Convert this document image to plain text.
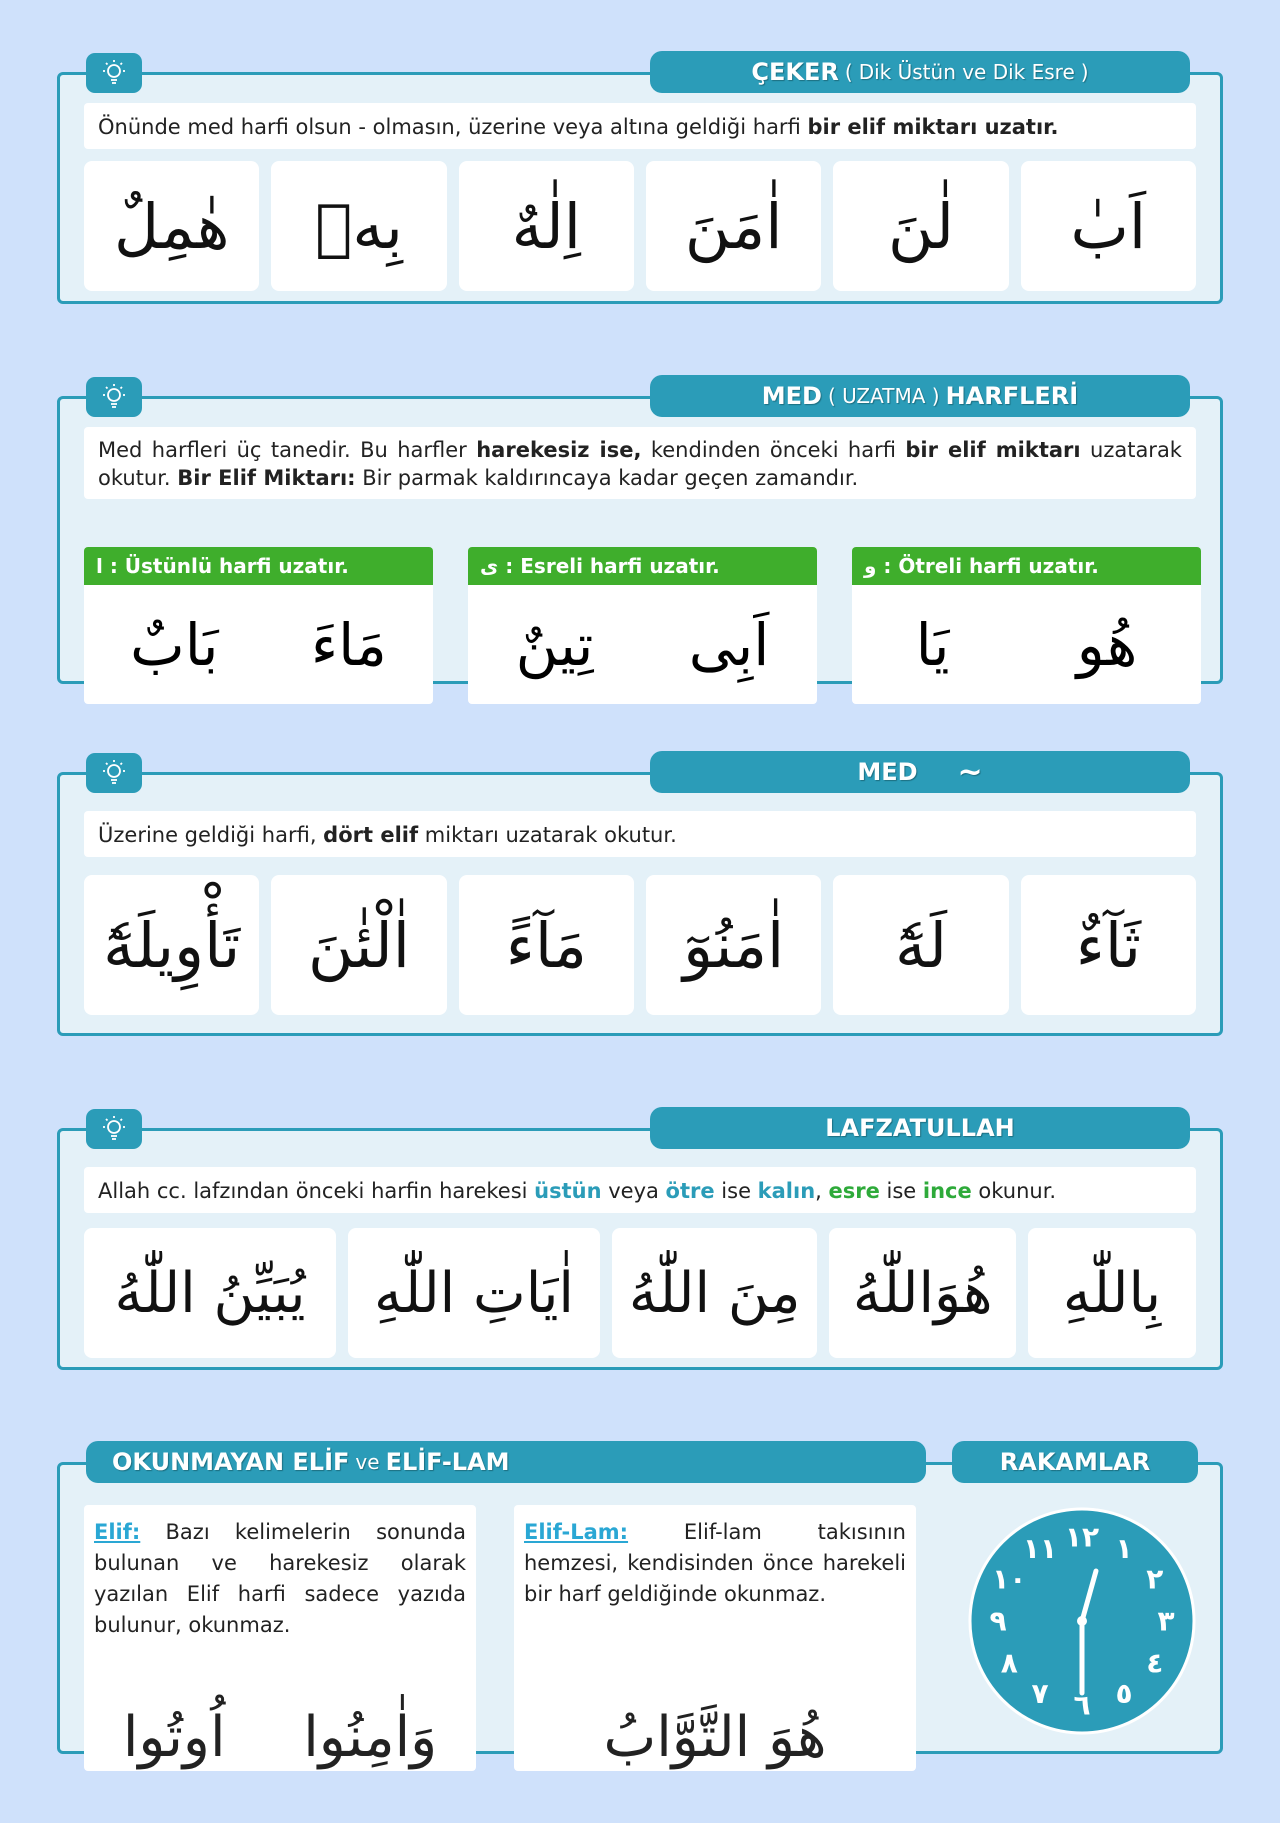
ÇEKER ( Dik Üstün ve Dik Esre )
Önünde med harfi olsun - olmasın, üzerine veya altına geldiği harfi bir elif miktarı uzatır.
اَبٰ
لٰنَ
اٰمَنَ
اِلٰهٌ
بِهٖ
هٰمِلٌ
MED ( UZATMA ) HARFLERİ
Med harfleri üç tanedir. Bu harfler harekesiz ise, kendinden önceki harfi bir elif miktarı uzatarak okutur. Bir Elif Miktarı: Bir parmak kaldırıncaya kadar geçen zamandır.
ا : Üstünlü harfi uzatır.
مَاءَ
بَابٌ
ى : Esreli harfi uzatır.
اَبِى
تِينٌ
و : Ötreli harfi uzatır.
هُو
يَا
MED ~
Üzerine geldiği harfi, dört elif miktarı uzatarak okutur.
ثَآءٌ
لَهٗٓ
اٰمَنُوٓ
مَآءً
اٰلْئٰنَ
تَأْوِيلَهٗٓ
LAFZATULLAH
Allah cc. lafzından önceki harfin harekesi üstün veya ötre ise kalın, esre ise ince okunur.
بِاللّٰهِ
هُوَاللّٰهُ
مِنَ اللّٰهُ
اٰيَاتِ اللّٰهِ
يُبَيِّنُ اللّٰهُ
OKUNMAYAN ELİF ve ELİF-LAM	RAKAMLAR
Elif: Bazı kelimelerin sonunda bulunan ve harekesiz olarak yazılan Elif harfi sadece yazıda bulunur, okunmaz.
وَاٰمِنُوا
اُوتُوا
Elif-Lam: Elif-lam takısının hemzesi, kendisinden önce harekeli bir harf geldiğinde okunmaz.
هُوَ التَّوَّابُ
١٢ ١
٢
٣
٤
٥
٦
٧
٨
٩
١٠
١١
